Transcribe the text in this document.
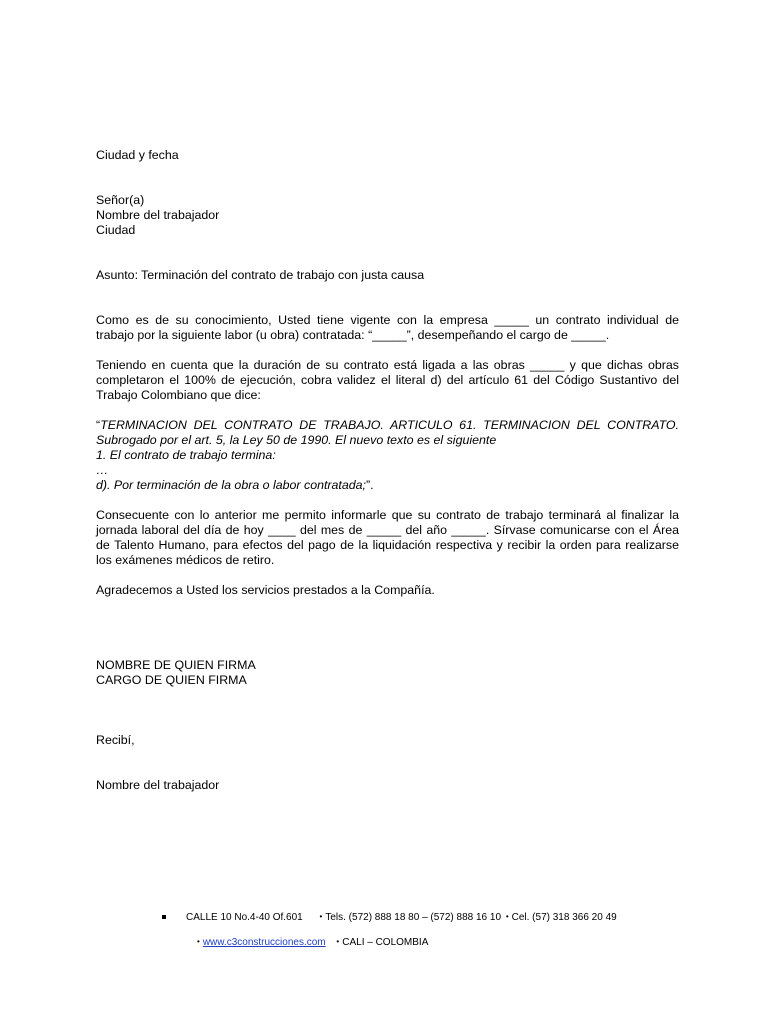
Ciudad y fecha
Señor(a)
Nombre del trabajador
Ciudad
Asunto: Terminación del contrato de trabajo con justa causa
Como es de su conocimiento, Usted tiene vigente con la empresa _____ un contrato individual de
trabajo por la siguiente labor (u obra) contratada: “_____”, desempeñando el cargo de _____.
Teniendo en cuenta que la duración de su contrato está ligada a las obras _____ y que dichas obras
completaron el 100% de ejecución, cobra validez el literal d) del artículo 61 del Código Sustantivo del
Trabajo Colombiano que dice:
“TERMINACION DEL CONTRATO DE TRABAJO. ARTICULO 61. TERMINACION DEL CONTRATO.
Subrogado por el art. 5, la Ley 50 de 1990. El nuevo texto es el siguiente
1. El contrato de trabajo termina:
…
d). Por terminación de la obra o labor contratada;”.
Consecuente con lo anterior me permito informarle que su contrato de trabajo terminará al finalizar la
jornada laboral del día de hoy ____ del mes de _____ del año _____. Sírvase comunicarse con el Área
de Talento Humano, para efectos del pago de la liquidación respectiva y recibir la orden para realizarse
los exámenes médicos de retiro.
Agradecemos a Usted los servicios prestados a la Compañía.
NOMBRE DE QUIEN FIRMA
CARGO DE QUIEN FIRMA
Recibí,
Nombre del trabajador
CALLE 10 No.4-40 Of.601 • Tels. (572) 888 18 80 – (572) 888 16 10 • Cel. (57) 318 366 20 49
• www.c3construcciones.com • CALI – COLOMBIA
